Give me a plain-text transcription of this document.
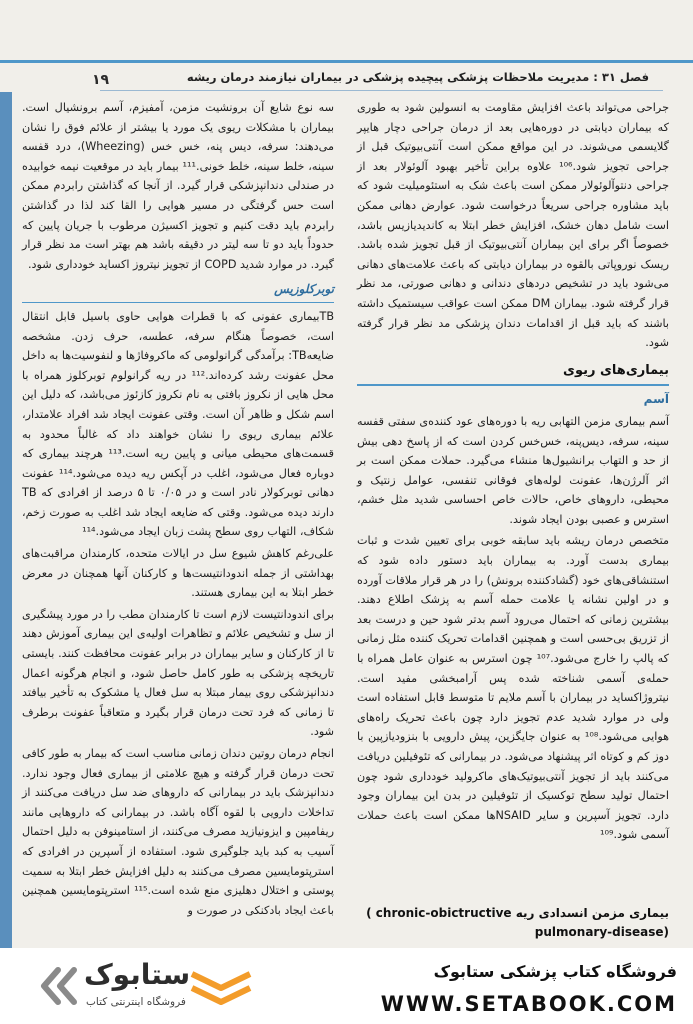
۱۹	فصل ۳۱ : مدیریت ملاحظات پزشکی پیچیده پزشکی در بیماران نیازمند درمان ریشه

جراحی می‌تواند باعث افزایش مقاومت به انسولین شود به طوری که بیماران دیابتی در دوره‌هایی بعد از درمان جراحی دچار هایپر گلایسمی می‌شوند. در این مواقع ممکن است آنتی‌بیوتیک قبل از جراحی تجویز شود.¹⁰⁶ علاوه براین تأخیر بهبود آلوئولار بعد از جراحی دنتوآلوئولار ممکن است باعث شک به استئومیلیت شود که باید مشاوره جراحی سریعاً درخواست شود. عوارض دهانی ممکن است شامل دهان خشک، افزایش خطر ابتلا به کاندیدیازیس باشد، خصوصاً اگر برای این بیماران آنتی‌بیوتیک از قبل تجویز شده باشد. ریسک نوروپاتی بالقوه در بیماران دیابتی که باعث علامت‌های دهانی می‌شود باید در تشخیص دردهای دندانی و دهانی صورتی، مد نظر قرار گرفته شود. بیماران DM ممکن است عواقب سیستمیک داشته باشند که باید قبل از اقدامات دندان پزشکی مد نظر قرار گرفته شود.

بیماری‌های ریوی
آسم

آسم بیماری مزمن التهابی ریه با دوره‌های عود کننده‌ی سفتی قفسه سینه، سرفه، دیس‌پنه، خس‌خس کردن است که از پاسخ دهی بیش از حد و التهاب برانشیول‌ها منشاء می‌گیرد. حملات ممکن است بر اثر آلرژن‌ها، عفونت لوله‌های فوقانی تنفسی، عوامل زنتیک و محیطی، داروهای خاص، حالات خاص احساسی شدید مثل خشم، استرس و عصبی بودن ایجاد شوند.

متخصص درمان ریشه باید سابقه خوبی برای تعیین شدت و ثبات بیماری بدست آورد. به بیماران باید دستور داده شود که استنشاقی‌های خود (گشادکننده برونش) را در هر قرار ملاقات آورده و در اولین نشانه یا علامت حمله آسم به پزشک اطلاع دهند. بیشترین زمانی که احتمال می‌رود آسم بدتر شود حین و درست بعد از تزریق بی‌حسی است و همچنین اقدامات تحریک کننده مثل زمانی که پالپ را خارج می‌شود.¹⁰⁷ چون استرس به عنوان عامل همراه با حمله‌ی آسمی شناخته شده پس آرامبخشی مفید است. نیتروژاکساید در بیماران با آسم ملایم تا متوسط قابل استفاده است ولی در موارد شدید عدم تجویز دارد چون باعث تحریک راه‌های هوایی می‌شود.¹⁰⁸ به عنوان جایگزین، پیش دارویی با بنزودیازپین با دوز کم و کوتاه اثر پیشنهاد می‌شود. در بیمارانی که تئوفیلین دریافت می‌کنند باید از تجویز آنتی‌بیوتیک‌های ماکرولید خودداری شود چون احتمال تولید سطح توکسیک از تئوفیلین در بدن این بیماران وجود دارد. تجویز آسپرین و سایر NSAIDها ممکن است باعث حملات آسمی شود.¹⁰⁹

بیماری مزمن انسدادی ریه ( chronic-obictructive pulmonary-disease)

سه نوع شایع آن برونشیت مزمن، آمفیزم، آسم برونشیال است. بیماران با مشکلات ریوی یک مورد یا بیشتر از علائم فوق را نشان می‌دهند: سرفه، دیس پنه، خس خس (Wheezing)، درد قفسه سینه، خلط سینه، خلط خونی.¹¹¹ بیمار باید در موقعیت نیمه خوابیده در صندلی دندانپزشکی قرار گیرد. از آنجا که گذاشتن رابردم ممکن است حس گرفتگی در مسیر هوایی را القا کند لذا در گذاشتن رابردم باید دقت کنیم و تجویز اکسیژن مرطوب با جریان پایین که حدوداً باید دو تا سه لیتر در دقیقه باشد هم بهتر است مد نظر قرار گیرد. در موارد شدید COPD از تجویز نیتروز اکساید خودداری شود.

توبرکلوزیس

TBبیماری عفونی که با قطرات هوایی حاوی باسیل قابل انتقال است، خصوصاً هنگام سرفه، عطسه، حرف زدن. مشخصه ضایعهTB: برآمدگی گرانولومی که ماکروفاژها و لنفوسیت‌ها به داخل محل عفونت رشد کرده‌اند.¹¹² در ریه گرانولوم توبرکلوز همراه با محل هایی از نکروز بافتی به نام نکروز کازئوز می‌باشد، که دلیل این اسم شکل و ظاهر آن است. وقتی عفونت ایجاد شد افراد علامتدار، علائم بیماری ریوی را نشان خواهند داد که غالباً محدود به قسمت‌های محیطی میانی و پایین ریه است.¹¹³ هرچند بیماری که دوباره فعال می‌شود، اغلب در آپکس ریه دیده می‌شود.¹¹⁴ عفونت دهانی توبرکولار نادر است و در ۰/۰۵ تا ۵ درصد از افرادی که TB دارند دیده می‌شود. وقتی که ضایعه ایجاد شد اغلب به صورت زخم، شکاف، التهاب روی سطح پشت زبان ایجاد می‌شود.¹¹⁴

علی‌رغم کاهش شیوع سل در ایالات متحده، کارمندان مراقبت‌های بهداشتی از جمله اندودانتیست‌ها و کارکنان آنها همچنان در معرض خطر ابتلا به این بیماری هستند.

برای اندودانتیست لازم است تا کارمندان مطب را در مورد پیشگیری از سل و تشخیص علائم و تظاهرات اولیه‌ی این بیماری آموزش دهند تا از کارکنان و سایر بیماران در برابر عفونت محافظت کنند. بایستی تاریخچه پزشکی به طور کامل حاصل شود، و انجام هرگونه اعمال دندانپزشکی روی بیمار مبتلا به سل فعال یا مشکوک به تأخیر بیافتد تا زمانی که فرد تحت درمان قرار بگیرد و متعاقباً عفونت برطرف شود.

انجام درمان روتین دندان زمانی مناسب است که بیمار به طور کافی تحت درمان قرار گرفته و هیچ علامتی از بیماری فعال وجود ندارد. دندانپزشک باید در بیمارانی که داروهای ضد سل دریافت می‌کنند از تداخلات دارویی با لقوه آگاه باشد. در بیمارانی که داروهایی مانند ریفامپین و ایزونیازید مصرف می‌کنند، از استامینوفن به دلیل احتمال آسیب به کبد باید جلوگیری شود. استفاده از آسپرین در افرادی که استرپتومایسین مصرف می‌کنند به دلیل افزایش خطر ابتلا به سمیت پوستی و اختلال دهلیزی منع شده است.¹¹⁵ استرپتومایسین همچنین باعث ایجاد بادکنکی در صورت و

ستابوک
فروشگاه اینترنتی کتاب
فروشگاه کتاب پزشکی ستابوک
WWW.SETABOOK.COM
